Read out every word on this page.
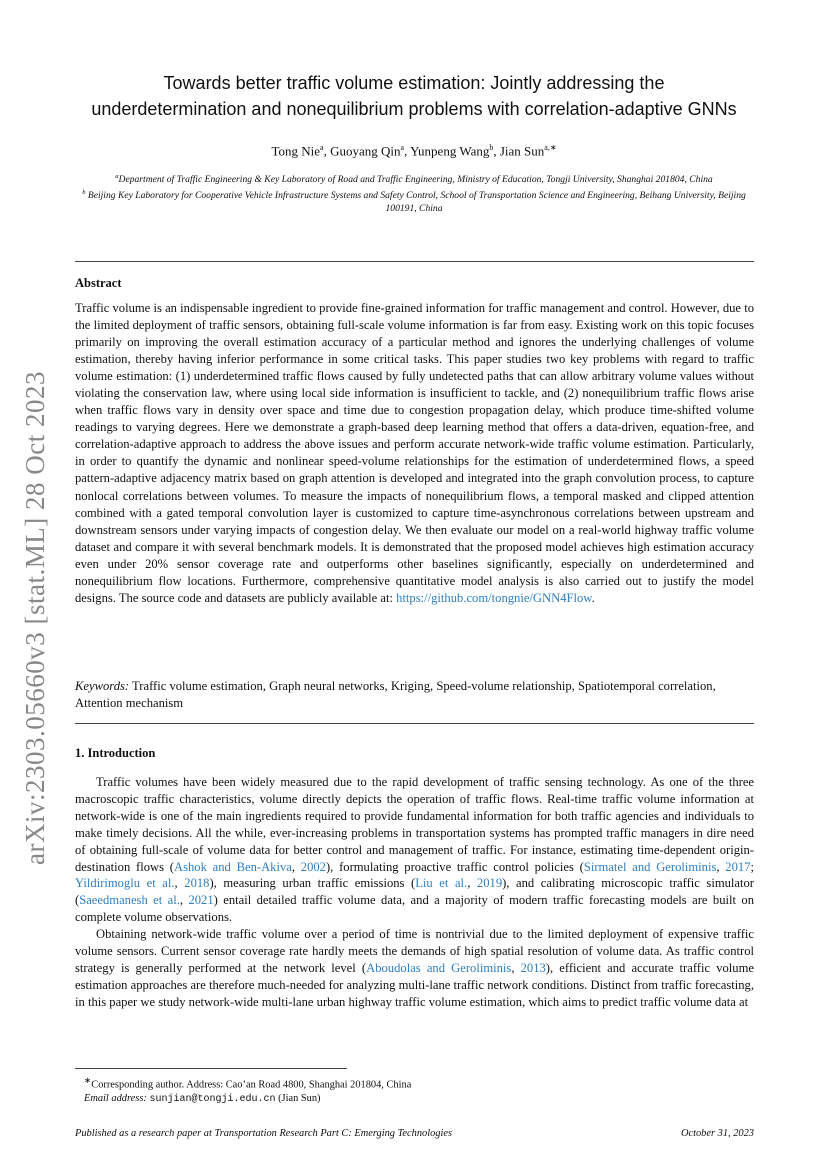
arXiv:2303.05660v3 [stat.ML] 28 Oct 2023
Towards better traffic volume estimation: Jointly addressing the
underdetermination and nonequilibrium problems with correlation-adaptive GNNs
Tong Nie$^a$, Guoyang Qin$^a$, Yunpeng Wang$^b$, Jian Sun$^{a,∗}$
$^a$Department of Traffic Engineering & Key Laboratory of Road and Traffic Engineering, Ministry of Education, Tongji University, Shanghai 201804, China
$^b$ Beijing Key Laboratory for Cooperative Vehicle Infrastructure Systems and Safety Control, School of Transportation Science and Engineering, Beihang University, Beijing 100191, China
Abstract
Traffic volume is an indispensable ingredient to provide fine-grained information for traffic management and control. However, due to the limited deployment of traffic sensors, obtaining full-scale volume information is far from easy. Existing work on this topic focuses primarily on improving the overall estimation accuracy of a particular method and ignores the underlying challenges of volume estimation, thereby having inferior performance in some critical tasks. This paper studies two key problems with regard to traffic volume estimation: (1) underdetermined traffic flows caused by fully undetected paths that can allow arbitrary volume values without violating the conservation law, where using local side information is insufficient to tackle, and (2) nonequilibrium traffic flows arise when traffic flows vary in density over space and time due to congestion propagation delay, which produce time-shifted volume readings to varying degrees. Here we demonstrate a graph-based deep learning method that offers a data-driven, equation-free, and correlation-adaptive approach to address the above issues and perform accurate network-wide traffic volume estimation. Particularly, in order to quantify the dynamic and nonlinear speed-volume relationships for the estimation of underdetermined flows, a speed pattern-adaptive adjacency matrix based on graph attention is developed and integrated into the graph convolution process, to capture nonlocal correlations between volumes. To measure the impacts of nonequilibrium flows, a temporal masked and clipped attention combined with a gated temporal convolution layer is customized to capture time-asynchronous correlations between upstream and downstream sensors under varying impacts of congestion delay. We then evaluate our model on a real-world highway traffic volume dataset and compare it with several benchmark models. It is demonstrated that the proposed model achieves high estimation accuracy even under 20% sensor coverage rate and outperforms other baselines significantly, especially on underdetermined and nonequilibrium flow locations. Furthermore, comprehensive quantitative model analysis is also carried out to justify the model designs. The source code and datasets are publicly available at: https://github.com/tongnie/GNN4Flow.
Keywords: Traffic volume estimation, Graph neural networks, Kriging, Speed-volume relationship, Spatiotemporal correlation, Attention mechanism
1. Introduction

Traffic volumes have been widely measured due to the rapid development of traffic sensing technology. As one of the three macroscopic traffic characteristics, volume directly depicts the operation of traffic flows. Real-time traffic volume information at network-wide is one of the main ingredients required to provide fundamental information for both traffic agencies and individuals to make timely decisions. All the while, ever-increasing problems in transportation systems has prompted traffic managers in dire need of obtaining full-scale of volume data for better control and management of traffic. For instance, estimating time-dependent origin-destination flows (Ashok and Ben-Akiva, 2002), formulating proactive traffic control policies (Sirmatel and Geroliminis, 2017; Yildirimoglu et al., 2018), measuring urban traffic emissions (Liu et al., 2019), and calibrating microscopic traffic simulator (Saeedmanesh et al., 2021) entail detailed traffic volume data, and a majority of modern traffic forecasting models are built on complete volume observations.

Obtaining network-wide traffic volume over a period of time is nontrivial due to the limited deployment of expensive traffic volume sensors. Current sensor coverage rate hardly meets the demands of high spatial resolution of volume data. As traffic control strategy is generally performed at the network level (Aboudolas and Geroliminis, 2013), efficient and accurate traffic volume estimation approaches are therefore much-needed for analyzing multi-lane traffic network conditions. Distinct from traffic forecasting, in this paper we study network-wide multi-lane urban highway traffic volume estimation, which aims to predict traffic volume data at

∗Corresponding author. Address: Cao’an Road 4800, Shanghai 201804, China
Email address: sunjian@tongji.edu.cn (Jian Sun)
Published as a research paper at Transportation Research Part C: Emerging Technologies	October 31, 2023
